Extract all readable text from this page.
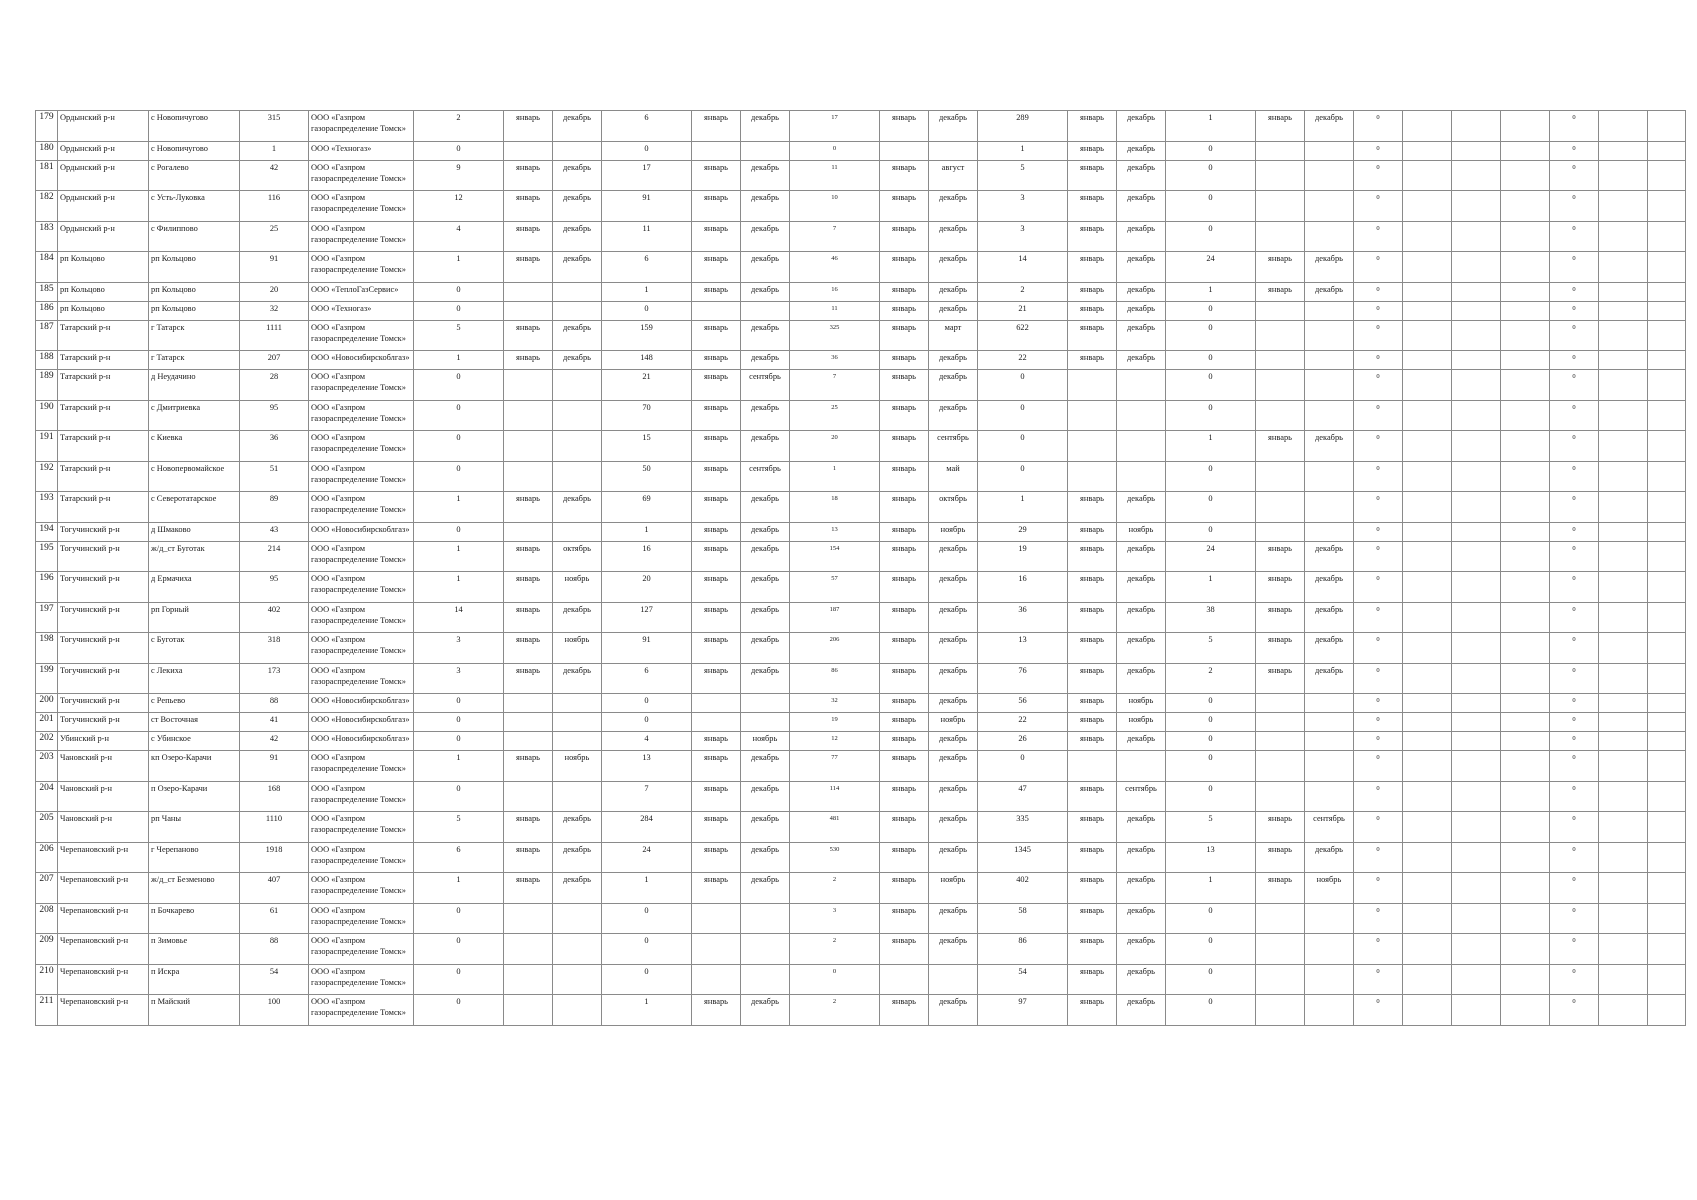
179	Ордынский р-н	с Новопичугово	315	ООО «Газпром газораспределение Томск»	2	январь	декабрь	6	январь	декабрь	17	январь	декабрь	289	январь	декабрь	1	январь	декабрь	0				0		
180	Ордынский р-н	с Новопичугово	1	ООО «Техногаз»	0			0			0			1	январь	декабрь	0			0				0		
181	Ордынский р-н	с Рогалево	42	ООО «Газпром газораспределение Томск»	9	январь	декабрь	17	январь	декабрь	11	январь	август	5	январь	декабрь	0			0				0		
182	Ордынский р-н	с Усть-Луковка	116	ООО «Газпром газораспределение Томск»	12	январь	декабрь	91	январь	декабрь	10	январь	декабрь	3	январь	декабрь	0			0				0		
183	Ордынский р-н	с Филиппово	25	ООО «Газпром газораспределение Томск»	4	январь	декабрь	11	январь	декабрь	7	январь	декабрь	3	январь	декабрь	0			0				0		
184	рп Кольцово	рп Кольцово	91	ООО «Газпром газораспределение Томск»	1	январь	декабрь	6	январь	декабрь	46	январь	декабрь	14	январь	декабрь	24	январь	декабрь	0				0		
185	рп Кольцово	рп Кольцово	20	ООО «ТеплоГазСервис»	0			1	январь	декабрь	16	январь	декабрь	2	январь	декабрь	1	январь	декабрь	0				0		
186	рп Кольцово	рп Кольцово	32	ООО «Техногаз»	0			0			11	январь	декабрь	21	январь	декабрь	0			0				0		
187	Татарский р-н	г Татарск	1111	ООО «Газпром газораспределение Томск»	5	январь	декабрь	159	январь	декабрь	325	январь	март	622	январь	декабрь	0			0				0		
188	Татарский р-н	г Татарск	207	ООО «Новосибирскоблгаз»	1	январь	декабрь	148	январь	декабрь	36	январь	декабрь	22	январь	декабрь	0			0				0		
189	Татарский р-н	д Неудачино	28	ООО «Газпром газораспределение Томск»	0			21	январь	сентябрь	7	январь	декабрь	0			0			0				0		
190	Татарский р-н	с Дмитриевка	95	ООО «Газпром газораспределение Томск»	0			70	январь	декабрь	25	январь	декабрь	0			0			0				0		
191	Татарский р-н	с Киевка	36	ООО «Газпром газораспределение Томск»	0			15	январь	декабрь	20	январь	сентябрь	0			1	январь	декабрь	0				0		
192	Татарский р-н	с Новопервомайское	51	ООО «Газпром газораспределение Томск»	0			50	январь	сентябрь	1	январь	май	0			0			0				0		
193	Татарский р-н	с Северотатарское	89	ООО «Газпром газораспределение Томск»	1	январь	декабрь	69	январь	декабрь	18	январь	октябрь	1	январь	декабрь	0			0				0		
194	Тогучинский р-н	д Шмаково	43	ООО «Новосибирскоблгаз»	0			1	январь	декабрь	13	январь	ноябрь	29	январь	ноябрь	0			0				0		
195	Тогучинский р-н	ж/д_ст Буготак	214	ООО «Газпром газораспределение Томск»	1	январь	октябрь	16	январь	декабрь	154	январь	декабрь	19	январь	декабрь	24	январь	декабрь	0				0		
196	Тогучинский р-н	д Ермачиха	95	ООО «Газпром газораспределение Томск»	1	январь	ноябрь	20	январь	декабрь	57	январь	декабрь	16	январь	декабрь	1	январь	декабрь	0				0		
197	Тогучинский р-н	рп Горный	402	ООО «Газпром газораспределение Томск»	14	январь	декабрь	127	январь	декабрь	187	январь	декабрь	36	январь	декабрь	38	январь	декабрь	0				0		
198	Тогучинский р-н	с Буготак	318	ООО «Газпром газораспределение Томск»	3	январь	ноябрь	91	январь	декабрь	206	январь	декабрь	13	январь	декабрь	5	январь	декабрь	0				0		
199	Тогучинский р-н	с Лекиха	173	ООО «Газпром газораспределение Томск»	3	январь	декабрь	6	январь	декабрь	86	январь	декабрь	76	январь	декабрь	2	январь	декабрь	0				0		
200	Тогучинский р-н	с Репьево	88	ООО «Новосибирскоблгаз»	0			0			32	январь	декабрь	56	январь	ноябрь	0			0				0		
201	Тогучинский р-н	ст Восточная	41	ООО «Новосибирскоблгаз»	0			0			19	январь	ноябрь	22	январь	ноябрь	0			0				0		
202	Убинский р-н	с Убинское	42	ООО «Новосибирскоблгаз»	0			4	январь	ноябрь	12	январь	декабрь	26	январь	декабрь	0			0				0		
203	Чановский р-н	кп Озеро-Карачи	91	ООО «Газпром газораспределение Томск»	1	январь	ноябрь	13	январь	декабрь	77	январь	декабрь	0			0			0				0		
204	Чановский р-н	п Озеро-Карачи	168	ООО «Газпром газораспределение Томск»	0			7	январь	декабрь	114	январь	декабрь	47	январь	сентябрь	0			0				0		
205	Чановский р-н	рп Чаны	1110	ООО «Газпром газораспределение Томск»	5	январь	декабрь	284	январь	декабрь	481	январь	декабрь	335	январь	декабрь	5	январь	сентябрь	0				0		
206	Черепановский р-н	г Черепаново	1918	ООО «Газпром газораспределение Томск»	6	январь	декабрь	24	январь	декабрь	530	январь	декабрь	1345	январь	декабрь	13	январь	декабрь	0				0		
207	Черепановский р-н	ж/д_ст Безменово	407	ООО «Газпром газораспределение Томск»	1	январь	декабрь	1	январь	декабрь	2	январь	ноябрь	402	январь	декабрь	1	январь	ноябрь	0				0		
208	Черепановский р-н	п Бочкарево	61	ООО «Газпром газораспределение Томск»	0			0			3	январь	декабрь	58	январь	декабрь	0			0				0		
209	Черепановский р-н	п Зимовье	88	ООО «Газпром газораспределение Томск»	0			0			2	январь	декабрь	86	январь	декабрь	0			0				0		
210	Черепановский р-н	п Искра	54	ООО «Газпром газораспределение Томск»	0			0			0			54	январь	декабрь	0			0				0		
211	Черепановский р-н	п Майский	100	ООО «Газпром газораспределение Томск»	0			1	январь	декабрь	2	январь	декабрь	97	январь	декабрь	0			0				0		
